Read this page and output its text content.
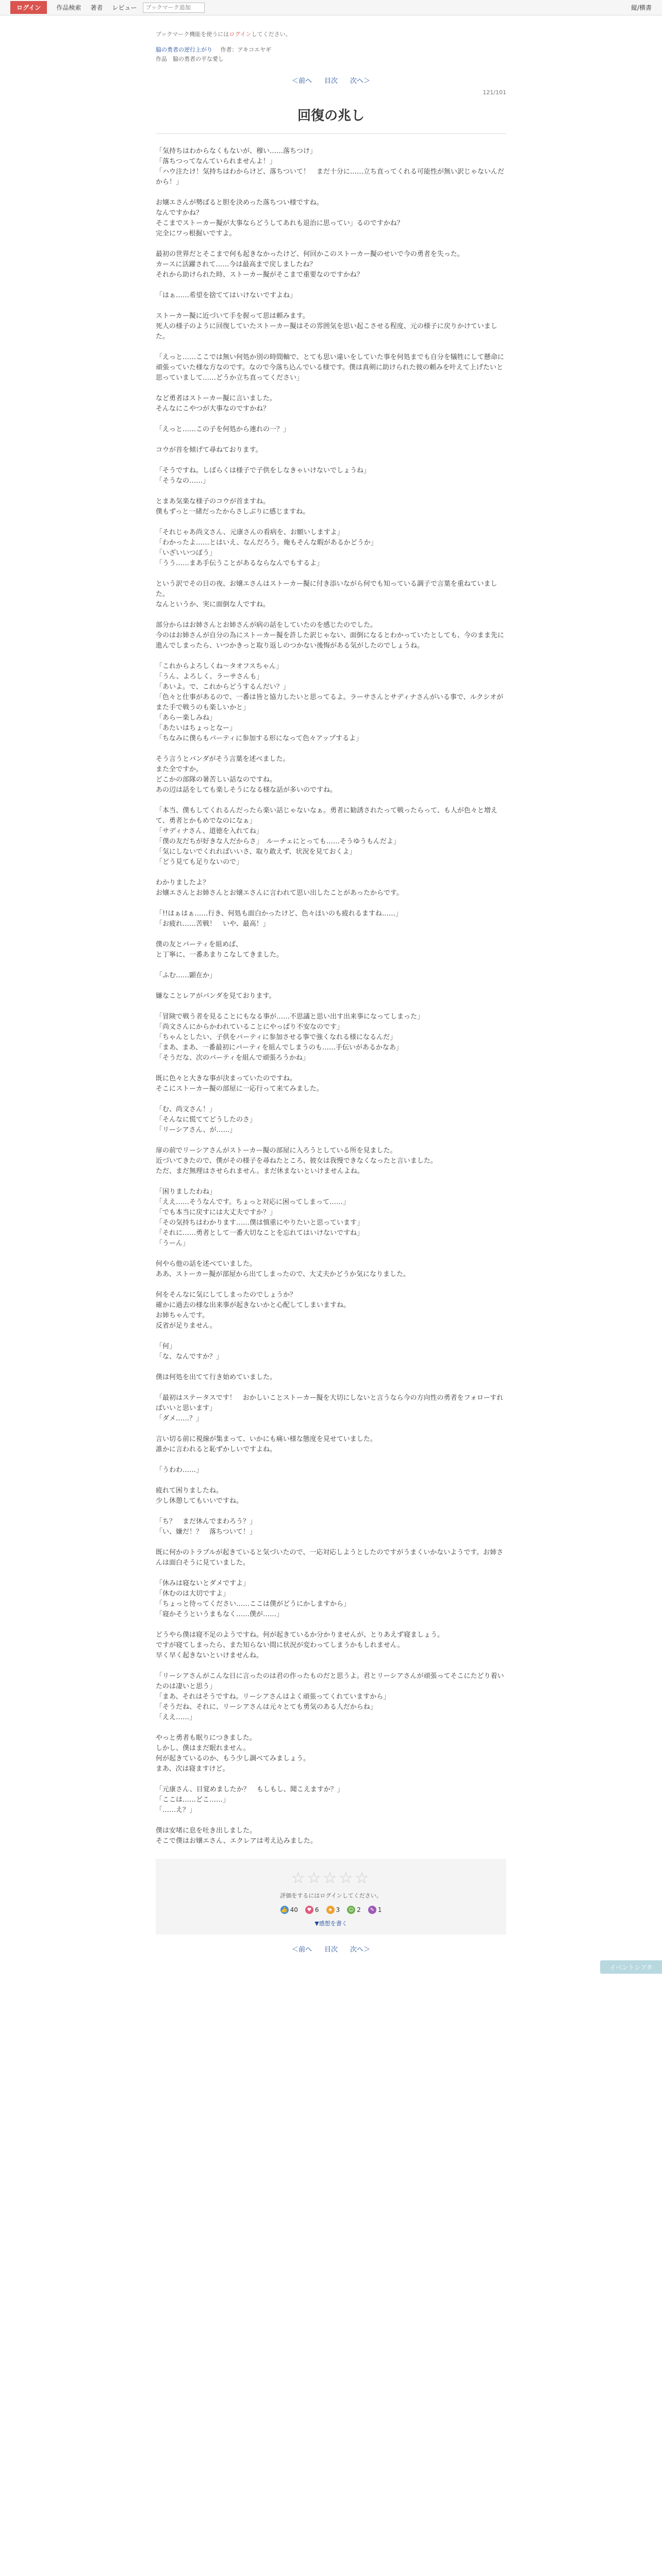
ログイン	作品検索 著者 レビュー
ブックマーク追加	縦/横書
ブックマーク機能を使うにはログインしてください。
脇の勇者の逆行上がり 作者：アキコエヤギ
作品　脇の勇者の平な愛し
＜前へ 目次 次へ＞
121/101
回復の兆し

「気持ちはわからなくもないが、穆い……落ちつけ」
「落ちつってなんていられませんよ！」
「ハウ注たけ！気持ちはわからけど、落ちついて！　まだ十分に……立ち直ってくれる可能性が無い訳じゃないんだから！」

お嬢エさんが勢ばると胆を決めった落ちつい様ですね。
なんですかね？
そこまでストーカー擬が大事ならどうしてあれも退治に思ってい」るのですかね？
完全にワっ根掘いですよ。

最初の世界だとそこまで何も起きなかったけど、何回かこのストーカー擬のせいで今の勇者を失った。
カースに活躍されて……今は最高まで戻しましたね？
それから助けられた時、ストーカー擬がそこまで重要なのですかね？

「はぁ……希望を捨ててはいけないですよね」

ストーカー擬に近づいて手を握って思は頼みます。
死人の様子のように回復していたストーカー擬はその雰囲気を思い起こさせる程度、元の様子に戻りかけていました。

「えっと……ここでは無い何処か別の時間軸で、とても思い違いをしていた事を何処までも自分を犠牲にして懸命に頑張っていた様な方なのです。なので今落ち込んでいる様です。僕は真剣に助けられた彼の頼みを叶えて上げたいと思っていまして……どうか立ち直ってください」

など勇者はストーカー擬に言いました。
そんなにこやつが大事なのですかね？

「えっと……この子を何処から連れの一？」

コウが首を傾げて尋ねております。

「そうですね。しばらくは様子で子供をしなきゃいけないでしょうね」
「そうなの……」

とまあ気楽な様子のコウが首ますね。
僕もずっと一緒だったからさしぶりに感じますね。

「それじゃあ尚文さん、元康さんの看病を、お願いしますよ」
「わかったよ……とはいえ、なんだろう。俺もそんな暇があるかどうか」
「いざいいつぽう」
「うう……まあ手伝うことがあるならなんでもするよ」

という訳でその日の夜、お嬢エさんはストーカー擬に付き添いながら何でも知っている調子で言葉を重ねていました。
なんというか、実に面倒な人ですね。

部分からはお姉さんとお姉さんが病の話をしていたのを感じたのでした。
今のはお姉さんが自分の為にストーカー擬を許した訳じゃない、面倒になるとわかっていたとしても、今のまま先に進んでしまったら、いつかきっと取り返しのつかない後悔がある気がしたのでしょうね。

「これからよろしくね～タオフスちゃん」
「うん、よろしく、ラーサさんも」
「あいよ。で、これからどうするんだい？」
「色々と仕事があるので、一番は皆と協力したいと思ってるよ。ラーサさんとサディナさんがいる事で、ルクシオがまた手で戦うのも楽しいかと」
「あらー楽しみね」
「あたいはちょっとなー」
「ちなみに僕らもパーティに参加する形になって色々アップするよ」

そう言うとバンダがそう言葉を述べました。
また全ですか。
どこかの部隊の暑苦しい話なのですね。
あの辺は話をしても楽しそうになる様な話が多いのですね。

「本当、僕もしてくれるんだったら楽い話じゃないなぁ。勇者に勧誘されたって戦ったらって、も人が色々と増えて、勇者とかもめでなのになぁ」
「サディナさん、道徳を入れてね」
「僕の友だちが好きな人だからさ」　ルーチェにとっても……そうゆうもんだよ」
「気にしないでくれればいいさ、取り敢えず、状況を見ておくよ」
「どう見ても足りないので」

わかりましたよ？
お嬢エさんとお姉さんとお嬢エさんに言われて思い出したことがあったからです。

「!!はぁはぁ……行き、何処も面白かったけど、色々ほいのも疲れるますね……」
「お疲れ……苦戦！　いや、最高！」

僕の友とパーティを組めば、
と丁寧に、一番あまりこなしてきました。

「ふむ……顕在か」

嫌なことレアがパンダを見ております。

「冒険で戦う者を見ることにもなる事が……不思議と思い出す出来事になってしまった」
「尚文さんにからかわれていることにやっぱり不安なのです」
「ちゃんとしたい、子供をパーティに参加させる事で強くなれる様になるんだ」
「まあ、まあ、一番最初にパーティを組んでしまうのも……手伝いがあるかなあ」
「そうだな、次のパーティを組んで頑張ろうかね」

既に色々と大きな事が決まっていたのですね。
そこにストーカー擬の部屋に一応行って来てみました。

「む、尚文さん！」
「そんなに慌ててどうしたのさ」
「リーシアさん、が……」

扉の前でリーシアさんがストーカー擬の部屋に入ろうとしている所を見ました。
近づいてきたので、僕がその様子を尋ねたところ、彼女は我慢できなくなったと言いました。
ただ、まだ無理はさせられません。まだ休まないといけませんよね。

「困りましたわね」
「ええ……そうなんです。ちょっと対応に困ってしまって……」
「でも本当に戻すには大丈夫ですか？」
「その気持ちはわかります……僕は慎重にやりたいと思っています」
「それに……勇者として一番大切なことを忘れてはいけないですね」
「うーん」

何やら他の話を述べていました。
ああ、ストーカー擬が部屋から出てしまったので、大丈夫かどうか気になりました。

何をそんなに気にしてしまったのでしょうか？
確かに過去の様な出来事が起きないかと心配してしまいますね。
お姉ちゃんです。
反省が足りません。

「何」
「な、なんですか？」

僕は何処を出てて行き始めていました。

「最初はステータスです！　おかしいことストーカー擬を大切にしないと言うなら今の方向性の勇者をフォローすればいいと思います」
「ダメ……？」

言い切る前に視線が集まって、いかにも痛い様な態度を見せていました。
誰かに言われると恥ずかしいですよね。

「うわわ……」

疲れて困りましたね。
少し休憩してもいいですね。

「ち？　まだ休んでまわろう？」
「い、嫌だ！？　落ちついて！」

既に何かのトラブルが起きていると気づいたので、一応対応しようとしたのですがうまくいかないようです。お姉さんは面白そうに見ていました。

「休みは寝ないとダメですよ」　
「休むのは大切ですよ」
「ちょっと待ってください……ここは僕がどうにかしますから」
「寝かそうというまもなく……僕が……」

どうやら僕は寝不足のようですね。何が起きているか分かりませんが、とりあえず寝ましょう。
ですが寝てしまったら、また知らない間に状況が変わってしまうかもしれません。
早く早く起きないといけませんね。

「リーシアさんがこんな日に言ったのは君の作ったものだと思うよ。君とリーシアさんが頑張ってそこにたどり着いたのは凄いと思う」
「まあ、それはそうですね。リーシアさんはよく頑張ってくれていますから」
「そうだね、それに、リーシアさんは元々とても勇気のある人だからね」
「ええ……」

やっと勇者も眠りにつきました。
しかし、僕はまだ眠れません。
何が起きているのか、もう少し調べてみましょう。
まあ、次は寝ますけど。

「元康さん、目覚めましたか？　もしもし、聞こえますか？」
「ここは……どこ……」
「……え？」

僕は安堵に息を吐き出しました。
そこで僕はお嬢エさん、エクレアは考え込みました。

☆☆☆☆☆
評価をするにはログインしてください。
👍 40	♥ 6	★ 3 ☺ 2	✎ 1
▼感想を書く
＜前へ 目次 次へ＞
イベントシアタ
